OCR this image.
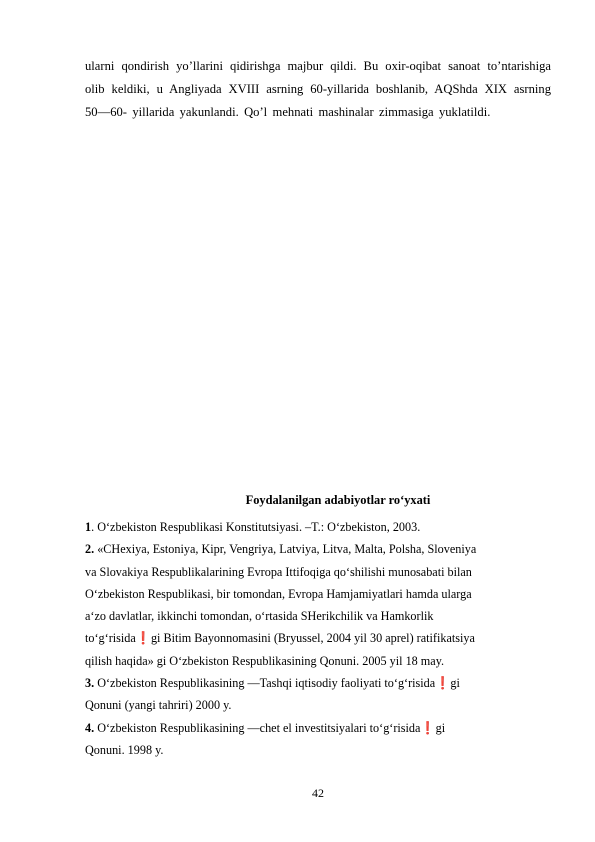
ularni qondirish yo’llarini qidirishga majbur qildi. Bu oxir-oqibat sanoat to’ntarishiga olib keldiki, u Angliyada XVIII asrning 60-yillarida boshlanib, AQShda XIX asrning 50—60- yillarida yakunlandi. Qo’l mehnati mashinalar zimmasiga yuklatildi.

Foydalanilgan adabiyotlar ro‘yxati

1. O‘zbekiston Respublikasi Konstitutsiyasi. –T.: O‘zbekiston, 2003.

2. «CHexiya, Estoniya, Kipr, Vengriya, Latviya, Litva, Malta, Polsha, Sloveniya

va Slovakiya Respublikalarining Evropa Ittifoqiga qo‘shilishi munosabati bilan

O‘zbekiston Respublikasi, bir tomondan, Evropa Hamjamiyatlari hamda ularga

a‘zo davlatlar, ikkinchi tomondan, o‘rtasida SHerikchilik va Hamkorlik

to‘g‘risida❗gi Bitim Bayonnomasini (Bryussel, 2004 yil 30 aprel) ratifikatsiya

qilish haqida» gi O‘zbekiston Respublikasining Qonuni. 2005 yil 18 may.

3. O‘zbekiston Respublikasining ―Tashqi iqtisodiy faoliyati to‘g‘risida❗gi

Qonuni (yangi tahriri) 2000 y.

4. O‘zbekiston Respublikasining ―chet el investitsiyalari to‘g‘risida❗gi

Qonuni. 1998 y.

42
